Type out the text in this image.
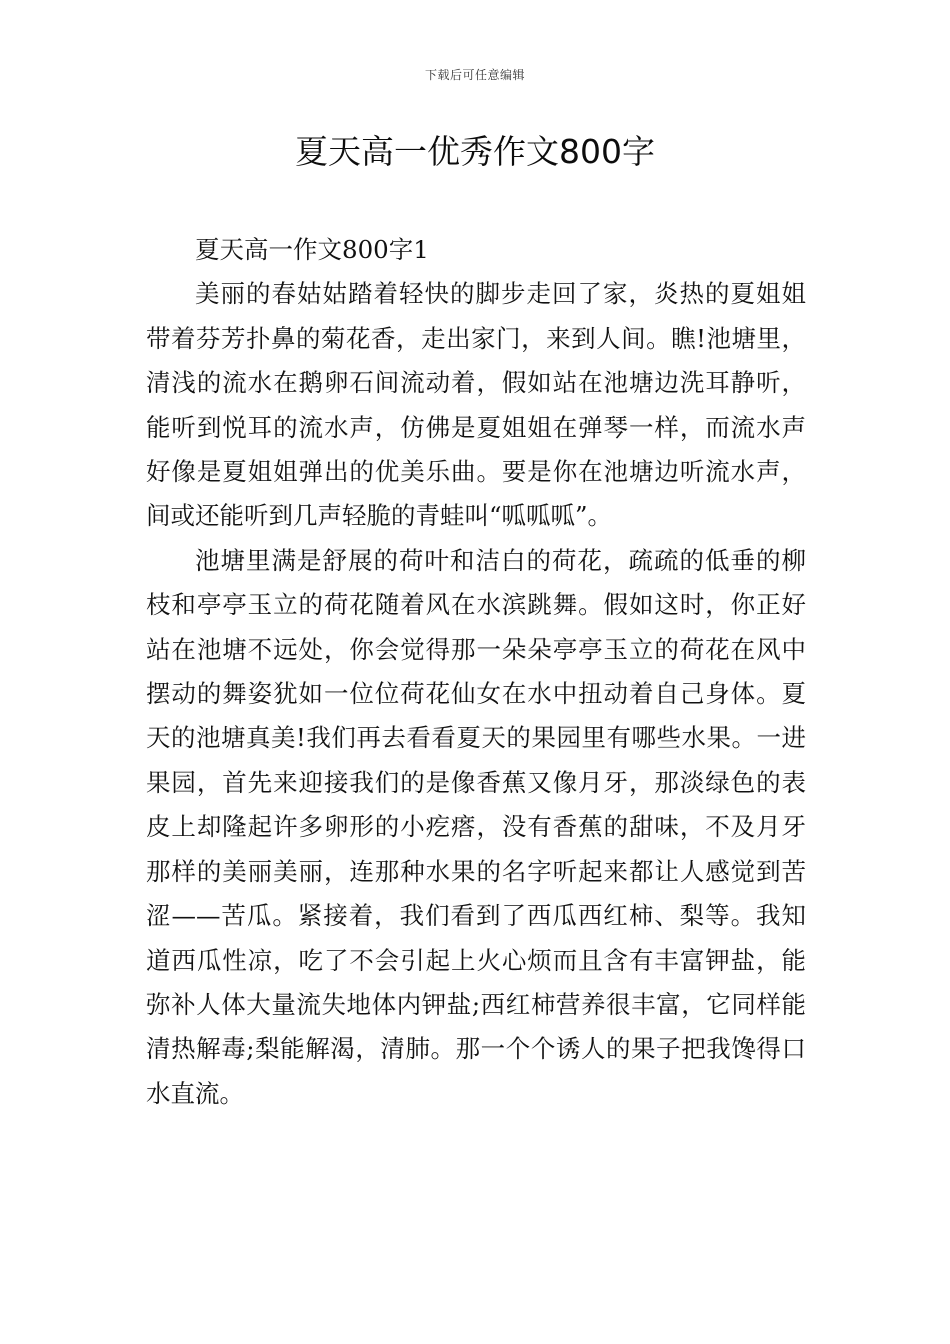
下载后可任意编辑
夏天高一优秀作文800字

夏天高一作文800字1

美丽的春姑姑踏着轻快的脚步走回了家，炎热的夏姐姐带着芬芳扑鼻的菊花香，走出家门，来到人间。瞧!池塘里，清浅的流水在鹅卵石间流动着，假如站在池塘边洗耳静听，能听到悦耳的流水声，仿佛是夏姐姐在弹琴一样，而流水声好像是夏姐姐弹出的优美乐曲。要是你在池塘边听流水声，间或还能听到几声轻脆的青蛙叫“呱呱呱”。

池塘里满是舒展的荷叶和洁白的荷花，疏疏的低垂的柳枝和亭亭玉立的荷花随着风在水滨跳舞。假如这时，你正好站在池塘不远处，你会觉得那一朵朵亭亭玉立的荷花在风中摆动的舞姿犹如一位位荷花仙女在水中扭动着自己身体。夏天的池塘真美!我们再去看看夏天的果园里有哪些水果。一进果园，首先来迎接我们的是像香蕉又像月牙，那淡绿色的表皮上却隆起许多卵形的小疙瘩，没有香蕉的甜味，不及月牙那样的美丽美丽，连那种水果的名字听起来都让人感觉到苦涩——苦瓜。紧接着，我们看到了西瓜西红柿、梨等。我知道西瓜性凉，吃了不会引起上火心烦而且含有丰富钾盐，能弥补人体大量流失地体内钾盐;西红柿营养很丰富，它同样能清热解毒;梨能解渴，清肺。那一个个诱人的果子把我馋得口水直流。
